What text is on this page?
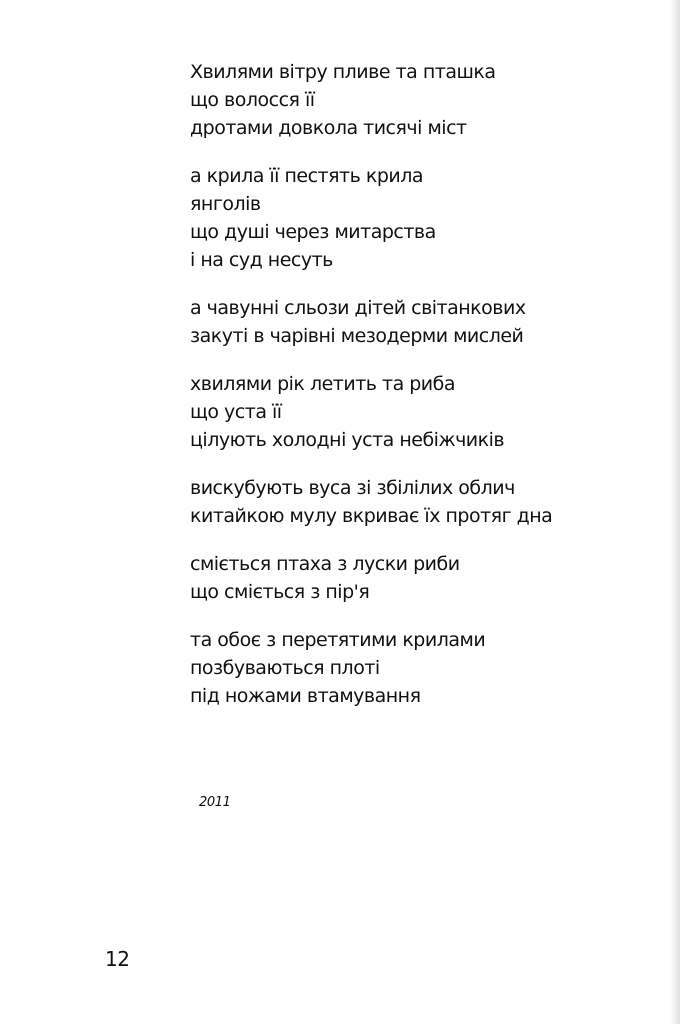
Хвилями вітру пливе та пташка
що волосся її
дротами довкола тисячі міст
а крила її пестять крила
янголів
що душі через митарства
і на суд несуть
а чавунні сльози дітей світанкових
закуті в чарівні мезодерми мислей
хвилями рік летить та риба
що уста її
цілують холодні уста небіжчиків
вискубують вуса зі збілілих облич
китайкою мулу вкриває їх протяг дна
сміється птаха з луски риби
що сміється з пір'я
та обоє з перетятими крилами
позбуваються плоті
під ножами втамування
2011
12
